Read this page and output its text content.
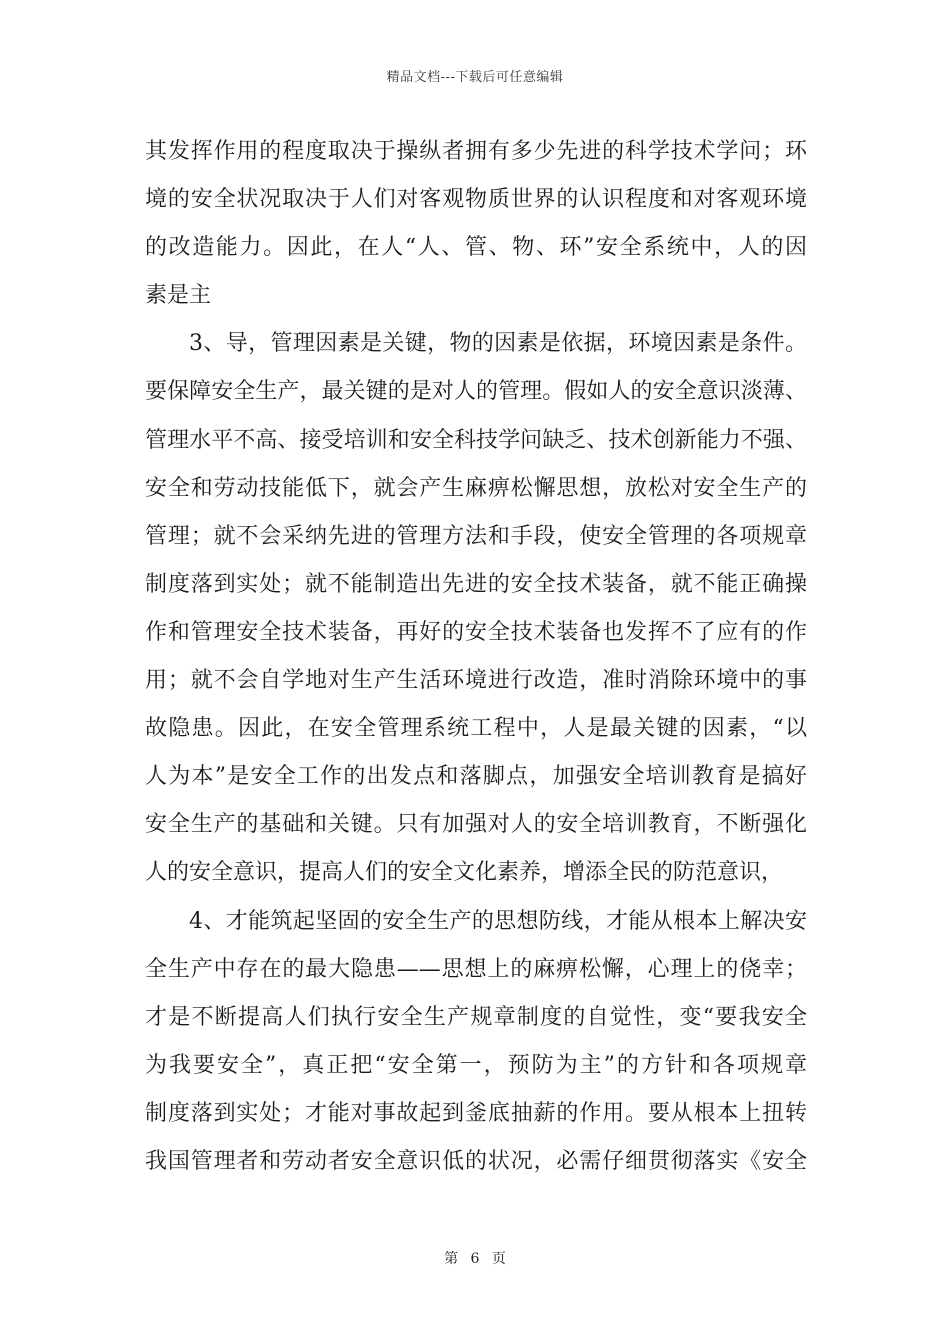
精品文档---下载后可任意编辑
其发挥作用的程度取决于操纵者拥有多少先进的科学技术学问；环
境的安全状况取决于人们对客观物质世界的认识程度和对客观环境
的改造能力。因此，在人“人、管、物、环”安全系统中，人的因
素是主
3、导，管理因素是关键，物的因素是依据，环境因素是条件。
要保障安全生产，最关键的是对人的管理。假如人的安全意识淡薄、
管理水平不高、接受培训和安全科技学问缺乏、技术创新能力不强、
安全和劳动技能低下，就会产生麻痹松懈思想，放松对安全生产的
管理；就不会采纳先进的管理方法和手段，使安全管理的各项规章
制度落到实处；就不能制造出先进的安全技术装备，就不能正确操
作和管理安全技术装备，再好的安全技术装备也发挥不了应有的作
用；就不会自学地对生产生活环境进行改造，准时消除环境中的事
故隐患。因此，在安全管理系统工程中，人是最关键的因素，“以
人为本”是安全工作的出发点和落脚点，加强安全培训教育是搞好
安全生产的基础和关键。只有加强对人的安全培训教育，不断强化
人的安全意识，提高人们的安全文化素养，增添全民的防范意识，
4、才能筑起坚固的安全生产的思想防线，才能从根本上解决安
全生产中存在的最大隐患——思想上的麻痹松懈，心理上的侥幸；
才是不断提高人们执行安全生产规章制度的自觉性，变“要我安全
为我要安全”，真正把“安全第一，预防为主”的方针和各项规章
制度落到实处；才能对事故起到釜底抽薪的作用。要从根本上扭转
我国管理者和劳动者安全意识低的状况，必需仔细贯彻落实《安全
第 6 页
